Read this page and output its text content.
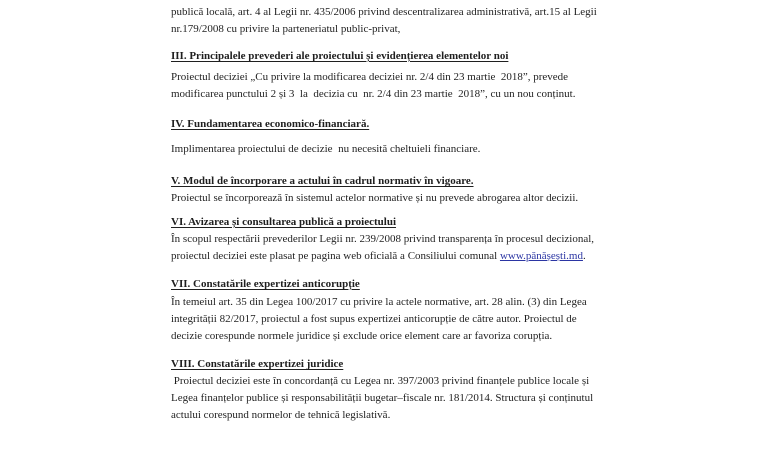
publică locală, art. 4 al Legii nr. 435/2006 privind descentralizarea administrativă, art.15 al Legii
nr.179/2008 cu privire la parteneriatul public-privat,
III. Principalele prevederi ale proiectului și evidențierea elementelor noi
Proiectul deciziei „Cu privire la modificarea deciziei nr. 2/4 din 23 martie  2018”, prevede
modificarea punctului 2 și 3  la  decizia cu  nr. 2/4 din 23 martie  2018”, cu un nou conținut.
IV. Fundamentarea economico-financiară.
Implimentarea proiectului de decizie  nu necesită cheltuieli financiare.
V. Modul de încorporare a actului în cadrul normativ în vigoare.
Proiectul se încorporează în sistemul actelor normative și nu prevede abrogarea altor decizii.
VI. Avizarea și consultarea publică a proiectului
În scopul respectării prevederilor Legii nr. 239/2008 privind transparența în procesul decizional,
proiectul deciziei este plasat pe pagina web oficială a Consiliului comunal www.pănășești.md.
VII. Constatările expertizei anticorupție
În temeiul art. 35 din Legea 100/2017 cu privire la actele normative, art. 28 alin. (3) din Legea
integrității 82/2017, proiectul a fost supus expertizei anticorupție de către autor. Proiectul de
decizie corespunde normele juridice și exclude orice element care ar favoriza corupția.
VIII. Constatările expertizei juridice
Proiectul deciziei este în concordanță cu Legea nr. 397/2003 privind finanțele publice locale și
Legea finanțelor publice și responsabilității bugetar–fiscale nr. 181/2014. Structura și conținutul
actului corespund normelor de tehnică legislativă.
